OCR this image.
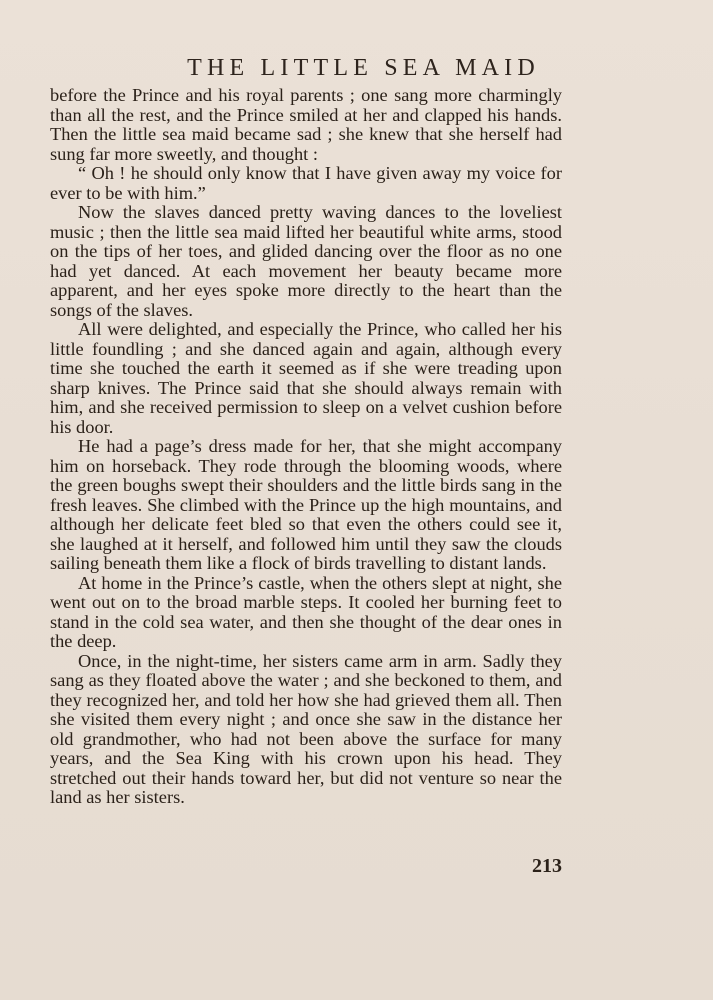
THE LITTLE SEA MAID

before the Prince and his royal parents ; one sang more charmingly than all the rest, and the Prince smiled at her and clapped his hands. Then the little sea maid became sad ; she knew that she herself had sung far more sweetly, and thought :

“ Oh ! he should only know that I have given away my voice for ever to be with him.”

Now the slaves danced pretty waving dances to the loveliest music ; then the little sea maid lifted her beautiful white arms, stood on the tips of her toes, and glided dancing over the floor as no one had yet danced. At each movement her beauty became more apparent, and her eyes spoke more directly to the heart than the songs of the slaves.

All were delighted, and especially the Prince, who called her his little foundling ; and she danced again and again, although every time she touched the earth it seemed as if she were treading upon sharp knives. The Prince said that she should always remain with him, and she received permission to sleep on a velvet cushion before his door.

He had a page’s dress made for her, that she might accompany him on horseback. They rode through the blooming woods, where the green boughs swept their shoulders and the little birds sang in the fresh leaves. She climbed with the Prince up the high mountains, and although her delicate feet bled so that even the others could see it, she laughed at it herself, and followed him until they saw the clouds sailing beneath them like a flock of birds travelling to distant lands.

At home in the Prince’s castle, when the others slept at night, she went out on to the broad marble steps. It cooled her burning feet to stand in the cold sea water, and then she thought of the dear ones in the deep.

Once, in the night-time, her sisters came arm in arm. Sadly they sang as they floated above the water ; and she beckoned to them, and they recognized her, and told her how she had grieved them all. Then she visited them every night ; and once she saw in the distance her old grandmother, who had not been above the surface for many years, and the Sea King with his crown upon his head. They stretched out their hands toward her, but did not venture so near the land as her sisters.

213
